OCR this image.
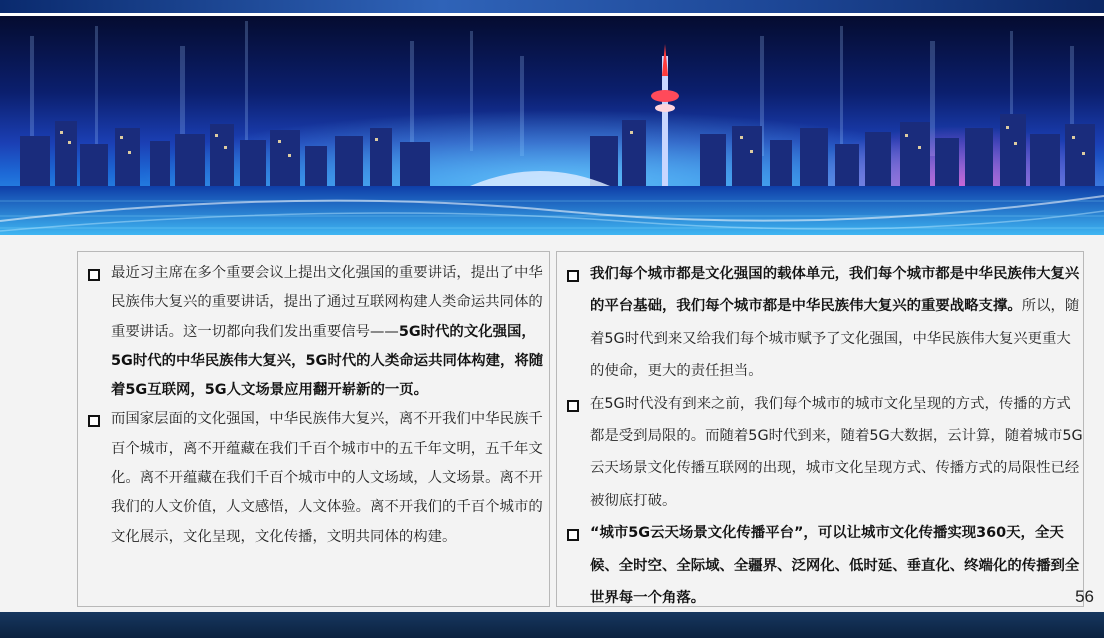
最近习主席在多个重要会议上提出文化强国的重要讲话，提出了中华民族伟大复兴的重要讲话，提出了通过互联网构建人类命运共同体的重要讲话。这一切都向我们发出重要信号——5G时代的文化强国，5G时代的中华民族伟大复兴，5G时代的人类命运共同体构建，将随着5G互联网，5G人文场景应用翻开崭新的一页。
而国家层面的文化强国，中华民族伟大复兴，离不开我们中华民族千百个城市，离不开蕴藏在我们千百个城市中的五千年文明，五千年文化。离不开蕴藏在我们千百个城市中的人文场域，人文场景。离不开我们的人文价值，人文感悟，人文体验。离不开我们的千百个城市的文化展示，文化呈现，文化传播，文明共同体的构建。
我们每个城市都是文化强国的载体单元，我们每个城市都是中华民族伟大复兴的平台基础，我们每个城市都是中华民族伟大复兴的重要战略支撑。所以，随着5G时代到来又给我们每个城市赋予了文化强国，中华民族伟大复兴更重大的使命，更大的责任担当。
在5G时代没有到来之前，我们每个城市的城市文化呈现的方式，传播的方式都是受到局限的。而随着5G时代到来，随着5G大数据，云计算，随着城市5G云天场景文化传播互联网的出现，城市文化呈现方式、传播方式的局限性已经被彻底打破。
“城市5G云天场景文化传播平台”，可以让城市文化传播实现360天，全天候、全时空、全际域、全疆界、泛网化、低时延、垂直化、终端化的传播到全世界每一个角落。	56
